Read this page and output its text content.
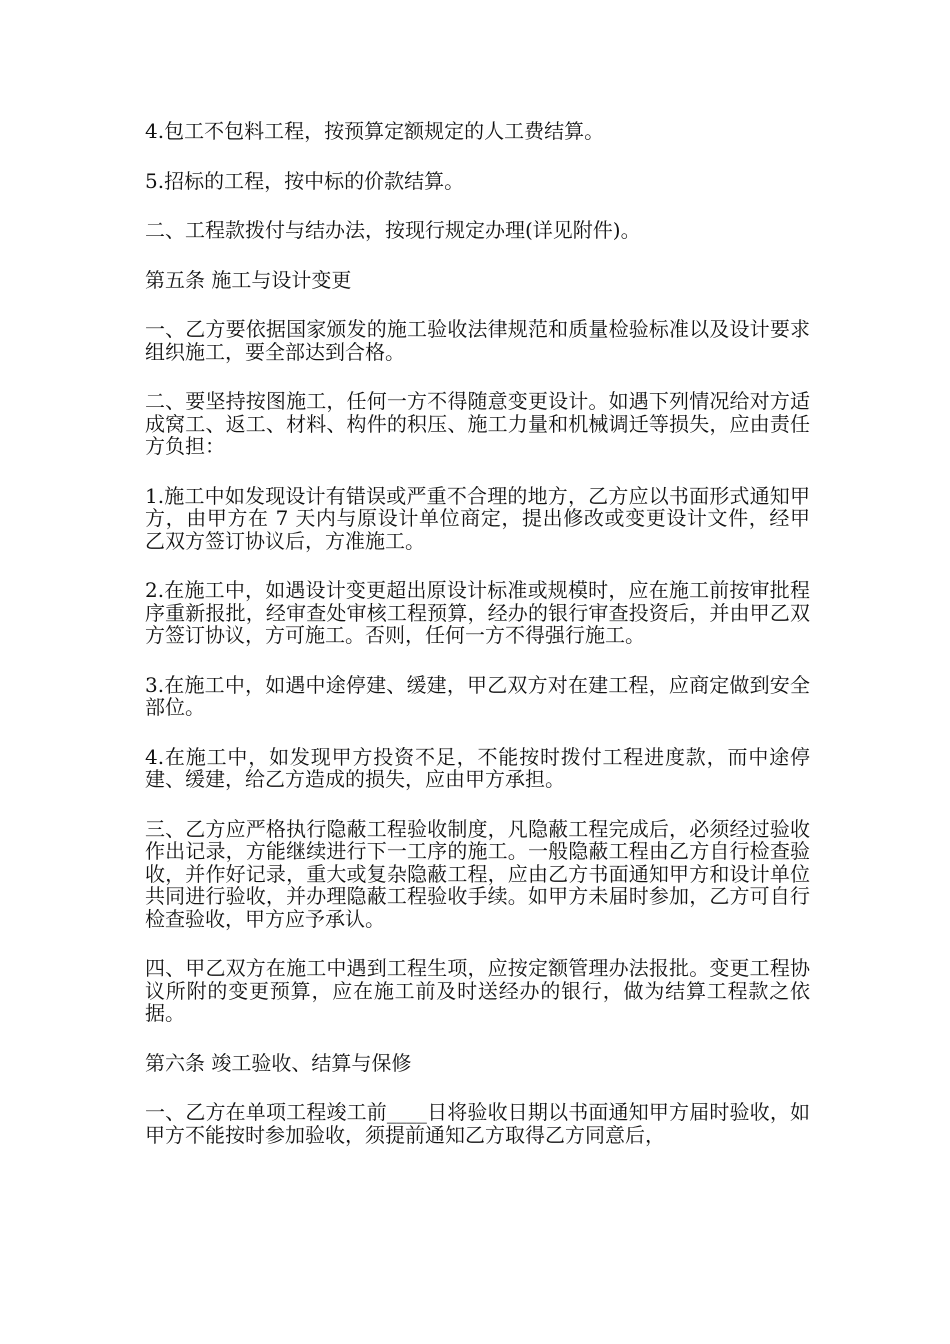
4.包工不包料工程，按预算定额规定的人工费结算。

5.招标的工程，按中标的价款结算。

二、工程款拨付与结办法，按现行规定办理(详见附件)。

第五条 施工与设计变更

一、乙方要依据国家颁发的施工验收法律规范和质量检验标准以及设计要求组织施工，要全部达到合格。

二、要坚持按图施工，任何一方不得随意变更设计。如遇下列情况给对方适成窝工、返工、材料、构件的积压、施工力量和机械调迁等损失，应由责任方负担：

1.施工中如发现设计有错误或严重不合理的地方，乙方应以书面形式通知甲方，由甲方在 7 天内与原设计单位商定，提出修改或变更设计文件，经甲乙双方签订协议后，方准施工。

2.在施工中，如遇设计变更超出原设计标准或规模时，应在施工前按审批程序重新报批，经审查处审核工程预算，经办的银行审查投资后，并由甲乙双方签订协议，方可施工。否则，任何一方不得强行施工。

3.在施工中，如遇中途停建、缓建，甲乙双方对在建工程，应商定做到安全部位。

4.在施工中，如发现甲方投资不足，不能按时拨付工程进度款，而中途停建、缓建，给乙方造成的损失，应由甲方承担。

三、乙方应严格执行隐蔽工程验收制度，凡隐蔽工程完成后，必须经过验收作出记录，方能继续进行下一工序的施工。一般隐蔽工程由乙方自行检查验收，并作好记录，重大或复杂隐蔽工程，应由乙方书面通知甲方和设计单位共同进行验收，并办理隐蔽工程验收手续。如甲方未届时参加，乙方可自行检查验收，甲方应予承认。

四、甲乙双方在施工中遇到工程生项，应按定额管理办法报批。变更工程协议所附的变更预算，应在施工前及时送经办的银行，做为结算工程款之依据。

第六条 竣工验收、结算与保修

一、乙方在单项工程竣工前____日将验收日期以书面通知甲方届时验收，如甲方不能按时参加验收，须提前通知乙方取得乙方同意后，
